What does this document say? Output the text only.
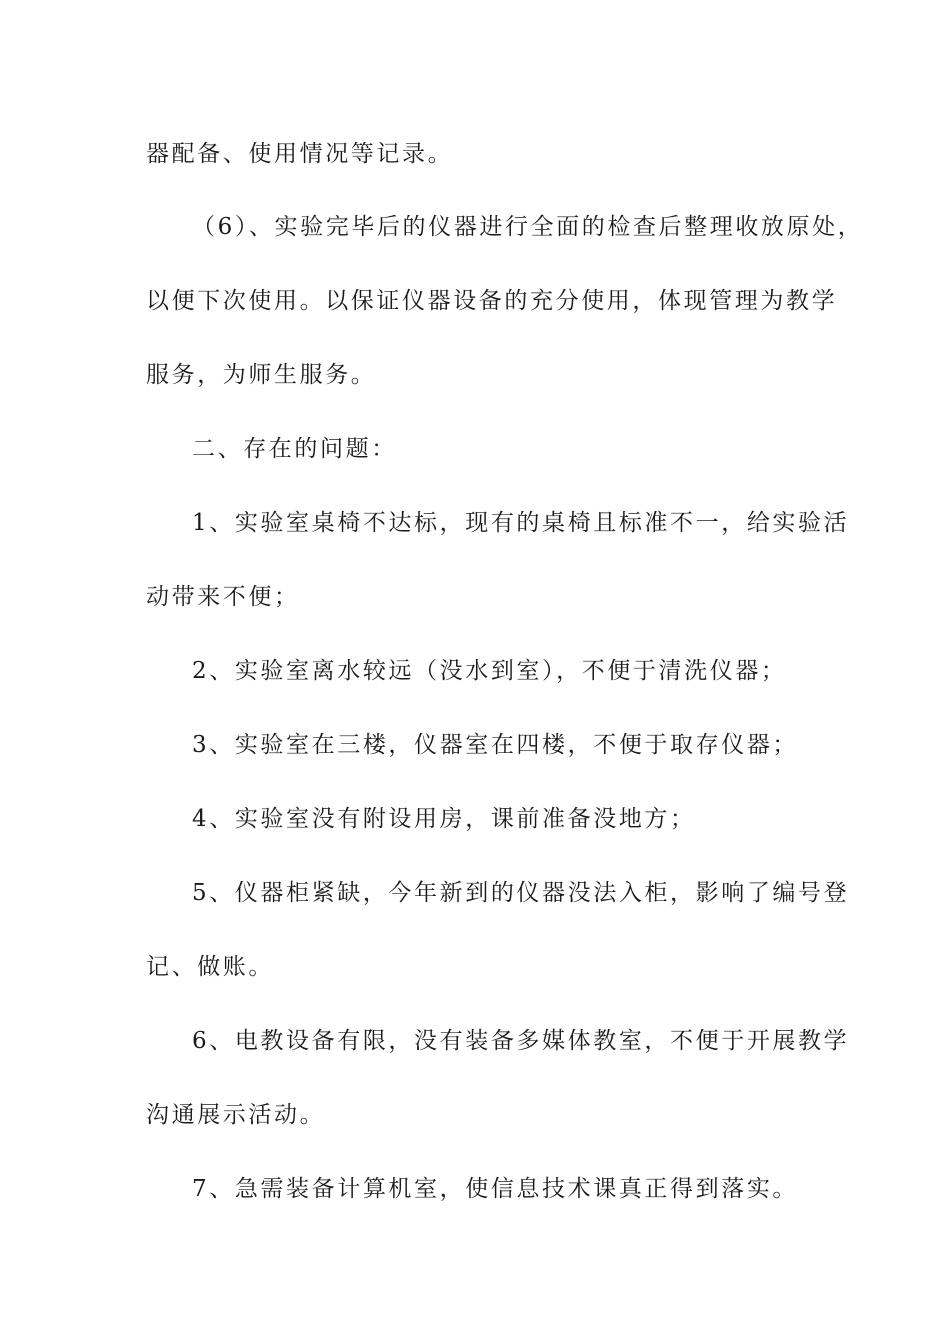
器配备、使用情况等记录。

（6）、实验完毕后的仪器进行全面的检查后整理收放原处，

以便下次使用。以保证仪器设备的充分使用，体现管理为教学

服务，为师生服务。

二、存在的问题：

1、实验室桌椅不达标，现有的桌椅且标准不一，给实验活

动带来不便；

2、实验室离水较远（没水到室），不便于清洗仪器；

3、实验室在三楼，仪器室在四楼，不便于取存仪器；

4、实验室没有附设用房，课前准备没地方；

5、仪器柜紧缺，今年新到的仪器没法入柜，影响了编号登

记、做账。

6、电教设备有限，没有装备多媒体教室，不便于开展教学

沟通展示活动。

7、急需装备计算机室，使信息技术课真正得到落实。
